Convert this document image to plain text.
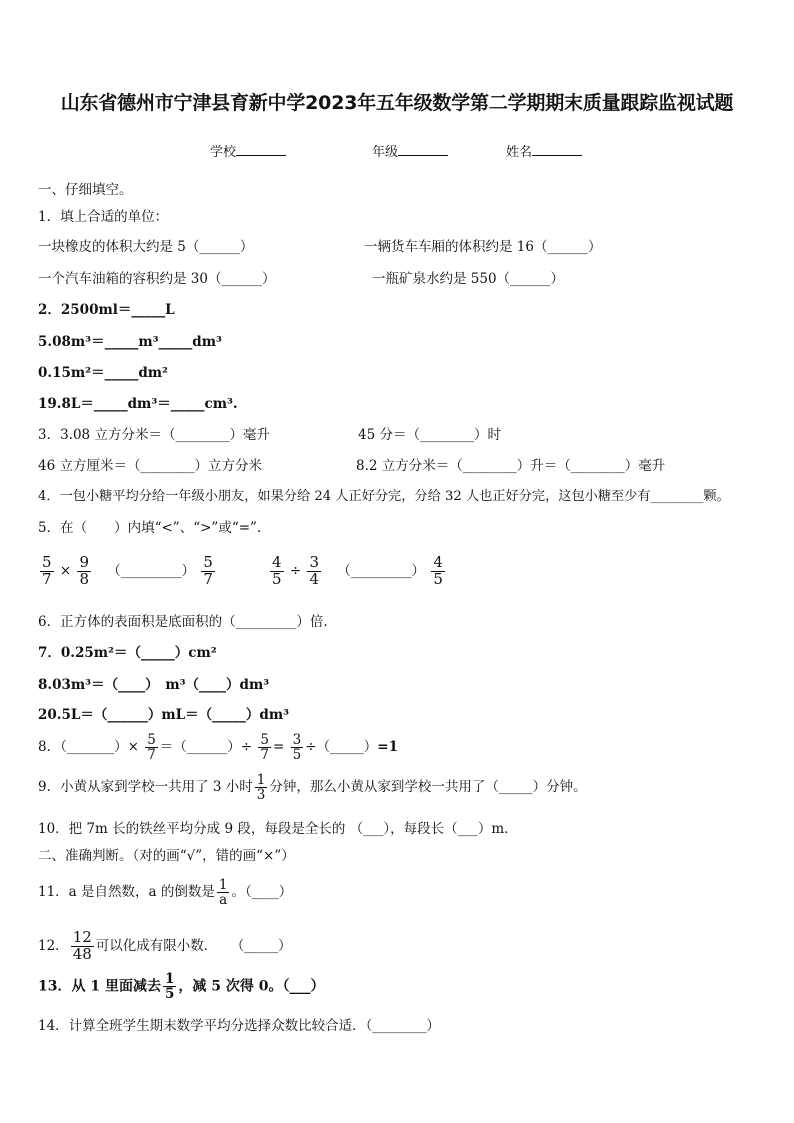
山东省德州市宁津县育新中学2023年五年级数学第二学期期末质量跟踪监视试题
学校	年级	姓名
一、仔细填空。
1．填上合适的单位：
一块橡皮的体积大约是 5（______）	一辆货车车厢的体积约是 16（______）
一个汽车油箱的容积约是 30（______）	一瓶矿泉水约是 550（______）
2．2500ml＝_____L
5.08m³＝_____m³_____dm³
0.15m²＝_____dm²
19.8L＝_____dm³＝_____cm³.
3．3.08 立方分米＝（________）毫升	45 分＝（________）时
46 立方厘米＝（________）立方分米	8.2 立方分米＝（________）升＝（________）毫升
4．一包小糖平均分给一年级小朋友，如果分给 24 人正好分完，分给 32 人也正好分完，这包小糖至少有________颗。
5．在（　　）内填“<”、“>”或“=”.
$\frac{5}{7} \times \frac{9}{8}$ （_________） $\frac{5}{7}$	$\frac{4}{5} \div \frac{3}{4}$ （_________） $\frac{4}{5}$
6．正方体的表面积是底面积的（_________）倍.
7．0.25m²＝（_____）cm²
8.03m³＝（____）　m³（____）dm³
20.5L＝（______）mL＝（_____）dm³
8．（_______）× $\frac{5}{7}$ ＝（______）÷ $\frac{5}{7} = \frac{3}{5}$ ÷（_____）=1
9．小黄从家到学校一共用了 3 小时 $\frac{1}{3}$ 分钟，那么小黄从家到学校一共用了（_____）分钟。
10．把 7m 长的铁丝平均分成 9 段，每段是全长的 （___），每段长（___）m．
二、准确判断。（对的画“√”，错的画“×”）
11．a 是自然数，a 的倒数是 $\frac{1}{a}$ 。（____）
12． $\frac{12}{48}$ 可以化成有限小数．　　（_____）
13．从 1 里面减去 $\frac{1}{5}$ ，减 5 次得 0。（___）
14．计算全班学生期末数学平均分选择众数比较合适．（________）
